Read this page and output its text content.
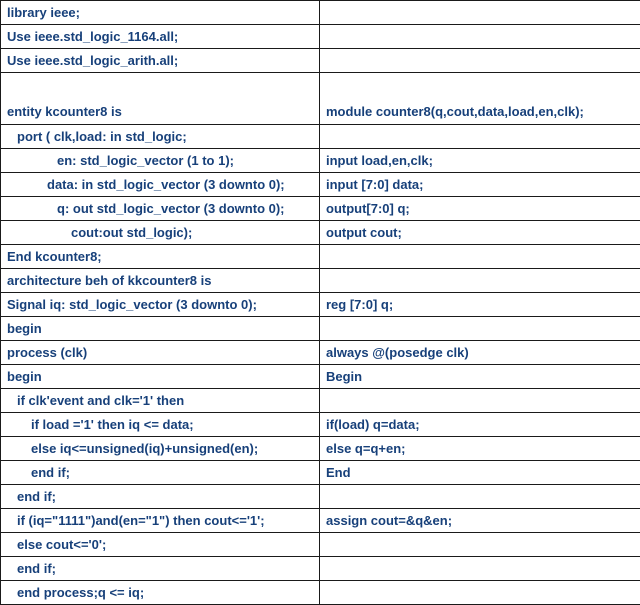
library ieee;	
Use ieee.std_logic_1164.all;	
Use ieee.std_logic_arith.all;	
entity kcounter8 is	module counter8(q,cout,data,load,en,clk);
port ( clk,load: in std_logic;	
en: std_logic_vector (1 to 1);	input load,en,clk;
data: in std_logic_vector (3 downto 0);	input [7:0] data;
q: out std_logic_vector (3 downto 0);	output[7:0] q;
cout:out std_logic);	output cout;
End kcounter8;	
architecture beh of kkcounter8 is	
Signal iq: std_logic_vector (3 downto 0);	reg [7:0] q;
begin	
process (clk)	always @(posedge clk)
begin	Begin
if clk'event and clk='1' then	
if load ='1' then iq <= data;	if(load) q=data;
else iq<=unsigned(iq)+unsigned(en);	else q=q+en;
end if;	End
end if;	
if (iq="1111")and(en="1") then cout<='1';	assign cout=&q&en;
else cout<='0';	
end if;	
end process;q <= iq;	
